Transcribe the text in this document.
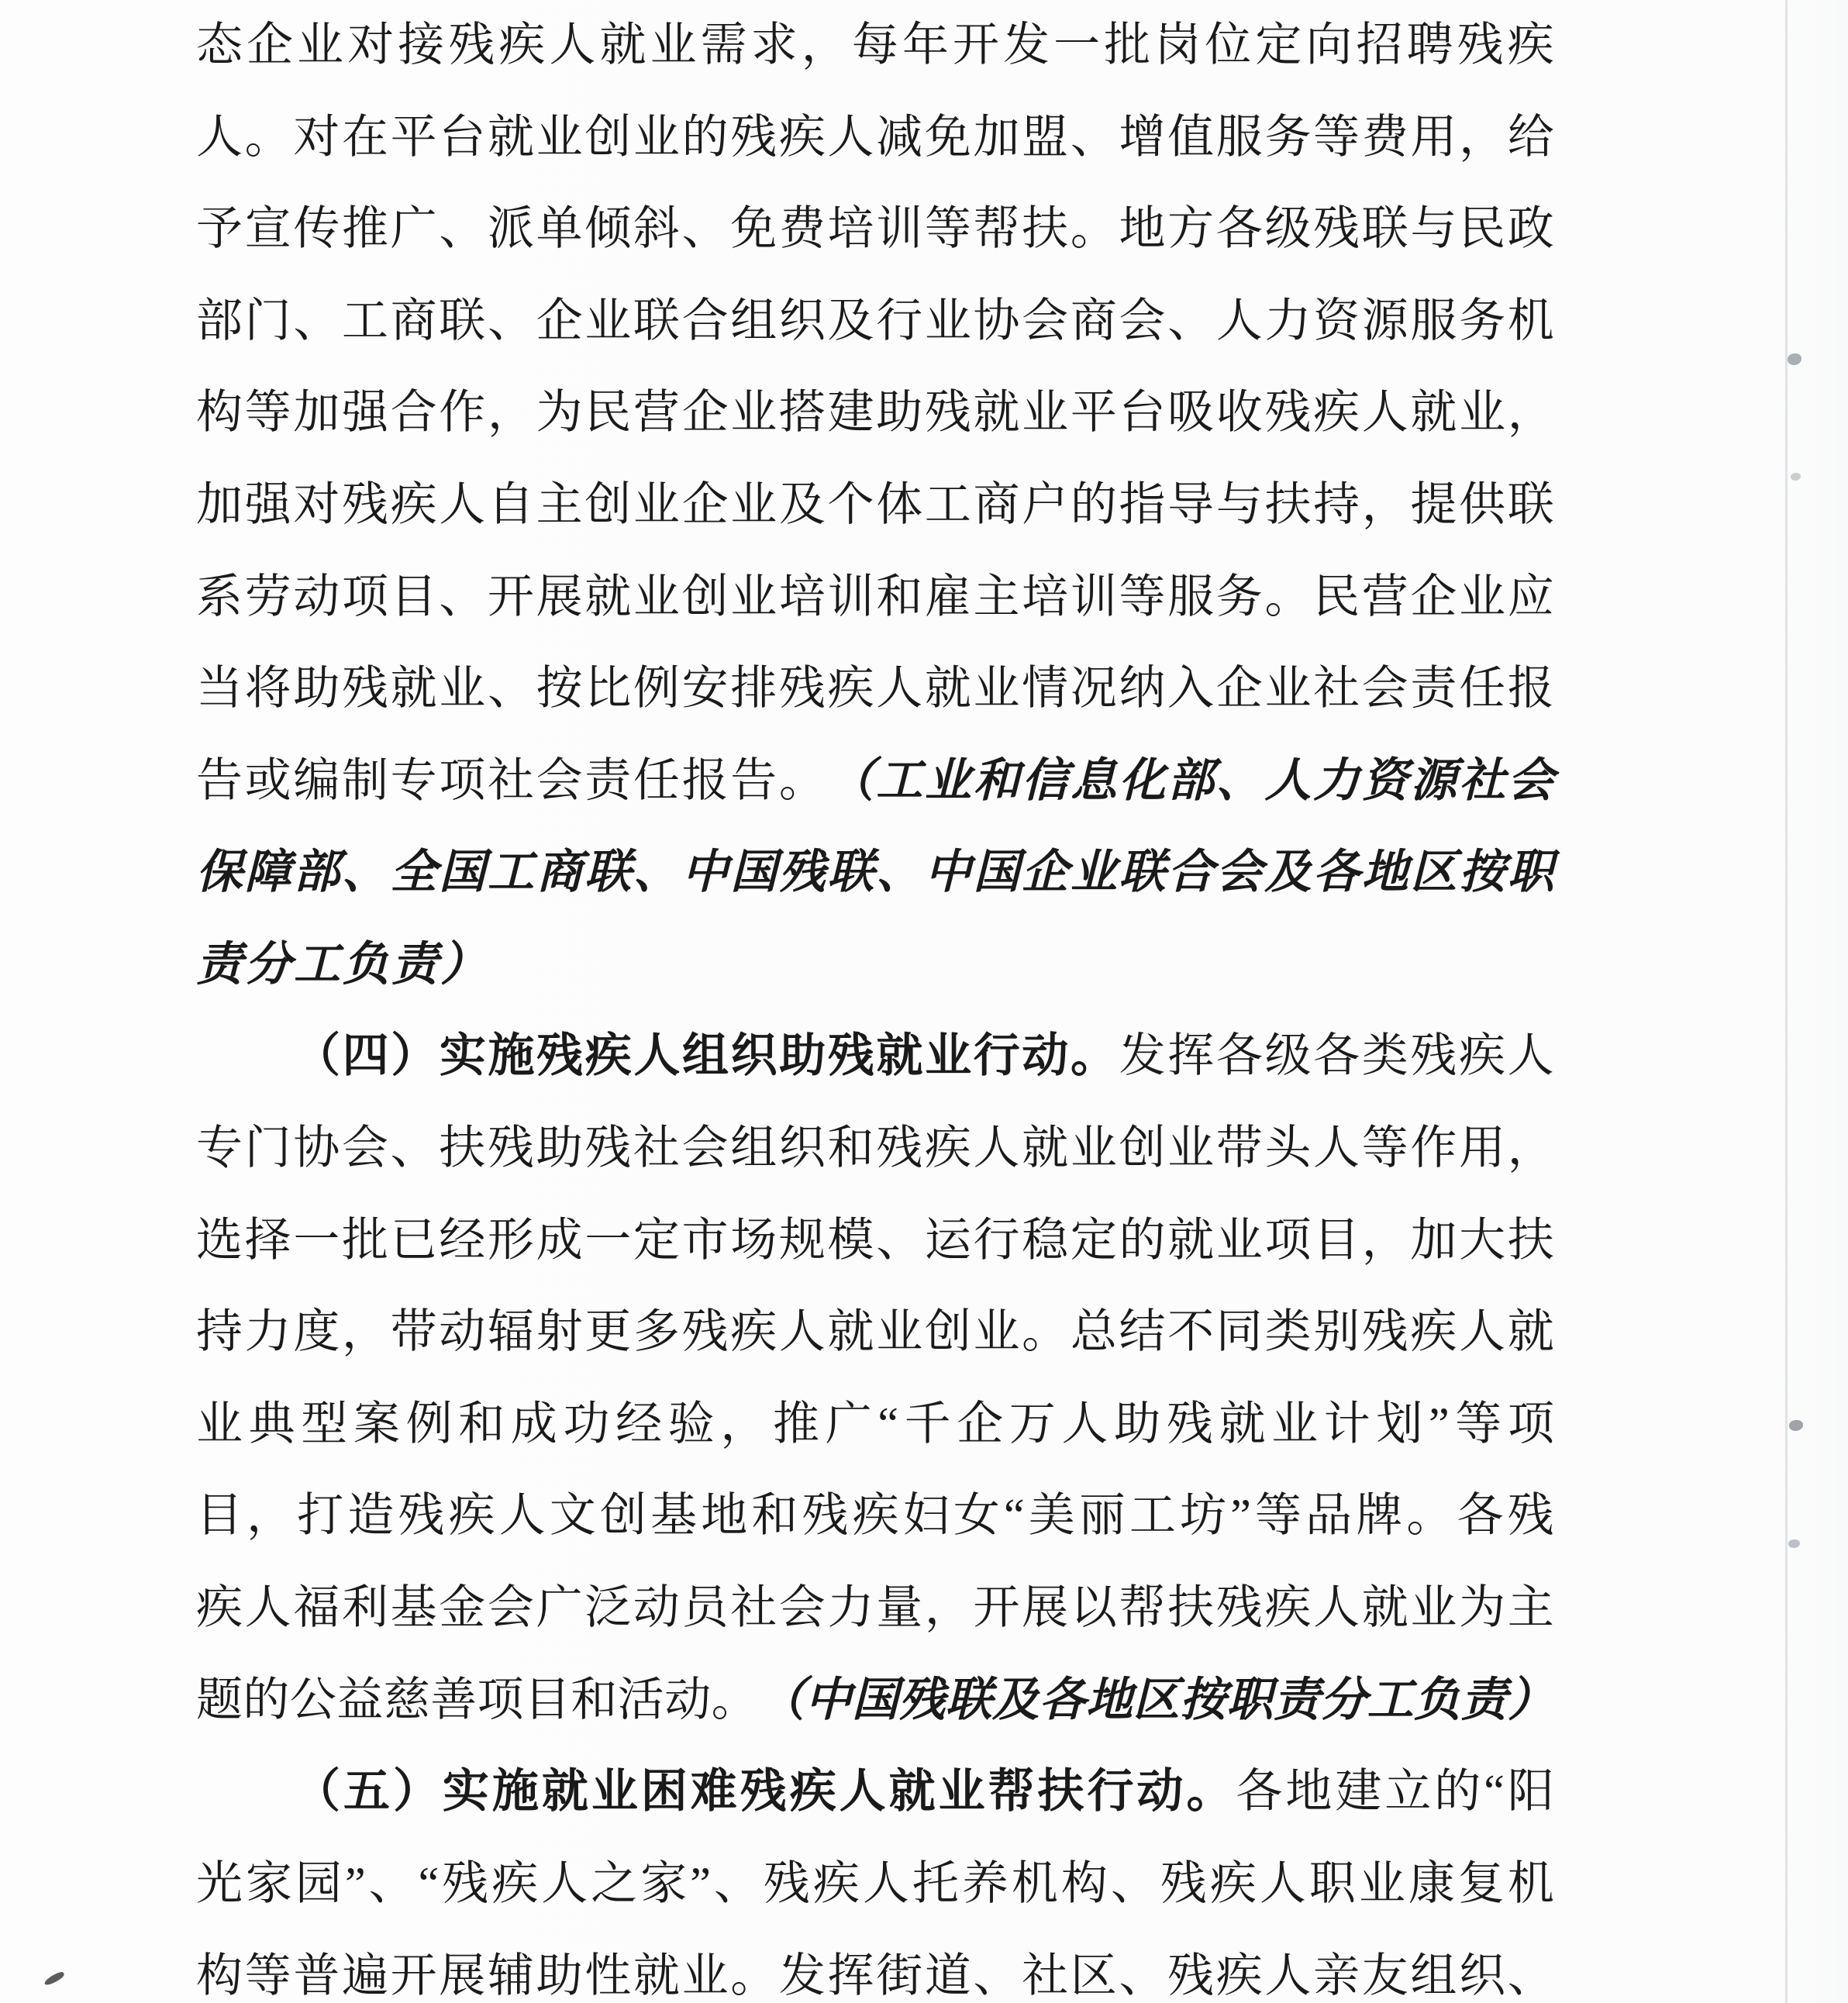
态 企 业 对 接 残 疾 人 就 业 需 求 ， 每 年 开 发 一 批 岗 位 定 向 招 聘 残 疾
人 。 对 在 平 台 就 业 创 业 的 残 疾 人 减 免 加 盟 、 增 值 服 务 等 费 用 ， 给
予 宣 传 推 广 、 派 单 倾 斜 、 免 费 培 训 等 帮 扶 。 地 方 各 级 残 联 与 民 政
部 门 、 工 商 联 、 企 业 联 合 组 织 及 行 业 协 会 商 会 、 人 力 资 源 服 务 机
构 等 加 强 合 作 ， 为 民 营 企 业 搭 建 助 残 就 业 平 台 吸 收 残 疾 人 就 业 ，
加 强 对 残 疾 人 自 主 创 业 企 业 及 个 体 工 商 户 的 指 导 与 扶 持 ， 提 供 联
系 劳 动 项 目 、 开 展 就 业 创 业 培 训 和 雇 主 培 训 等 服 务 。 民 营 企 业 应
当 将 助 残 就 业 、 按 比 例 安 排 残 疾 人 就 业 情 况 纳 入 企 业 社 会 责 任 报
告 或 编 制 专 项 社 会 责 任 报 告 。 （ 工 业 和 信 息 化 部 、 人 力 资 源 社 会
保 障 部 、 全 国 工 商 联 、 中 国 残 联 、 中 国 企 业 联 合 会 及 各 地 区 按 职
责 分 工 负 责 ）
（ 四 ） 实 施 残 疾 人 组 织 助 残 就 业 行 动 。 发 挥 各 级 各 类 残 疾 人
专 门 协 会 、 扶 残 助 残 社 会 组 织 和 残 疾 人 就 业 创 业 带 头 人 等 作 用 ，
选 择 一 批 已 经 形 成 一 定 市 场 规 模 、 运 行 稳 定 的 就 业 项 目 ， 加 大 扶
持 力 度 ， 带 动 辐 射 更 多 残 疾 人 就 业 创 业 。 总 结 不 同 类 别 残 疾 人 就
业 典 型 案 例 和 成 功 经 验 ， 推 广 “ 千 企 万 人 助 残 就 业 计 划 ” 等 项
目 ， 打 造 残 疾 人 文 创 基 地 和 残 疾 妇 女 “ 美 丽 工 坊 ” 等 品 牌 。 各 残
疾 人 福 利 基 金 会 广 泛 动 员 社 会 力 量 ， 开 展 以 帮 扶 残 疾 人 就 业 为 主
题 的 公 益 慈 善 项 目 和 活 动 。 （ 中 国 残 联 及 各 地 区 按 职 责 分 工 负 责 ）
（ 五 ） 实 施 就 业 困 难 残 疾 人 就 业 帮 扶 行 动 。 各 地 建 立 的 “ 阳
光 家 园 ” 、 “ 残 疾 人 之 家 ” 、 残 疾 人 托 养 机 构 、 残 疾 人 职 业 康 复 机
构 等 普 遍 开 展 辅 助 性 就 业 。 发 挥 街 道 、 社 区 、 残 疾 人 亲 友 组 织 、
